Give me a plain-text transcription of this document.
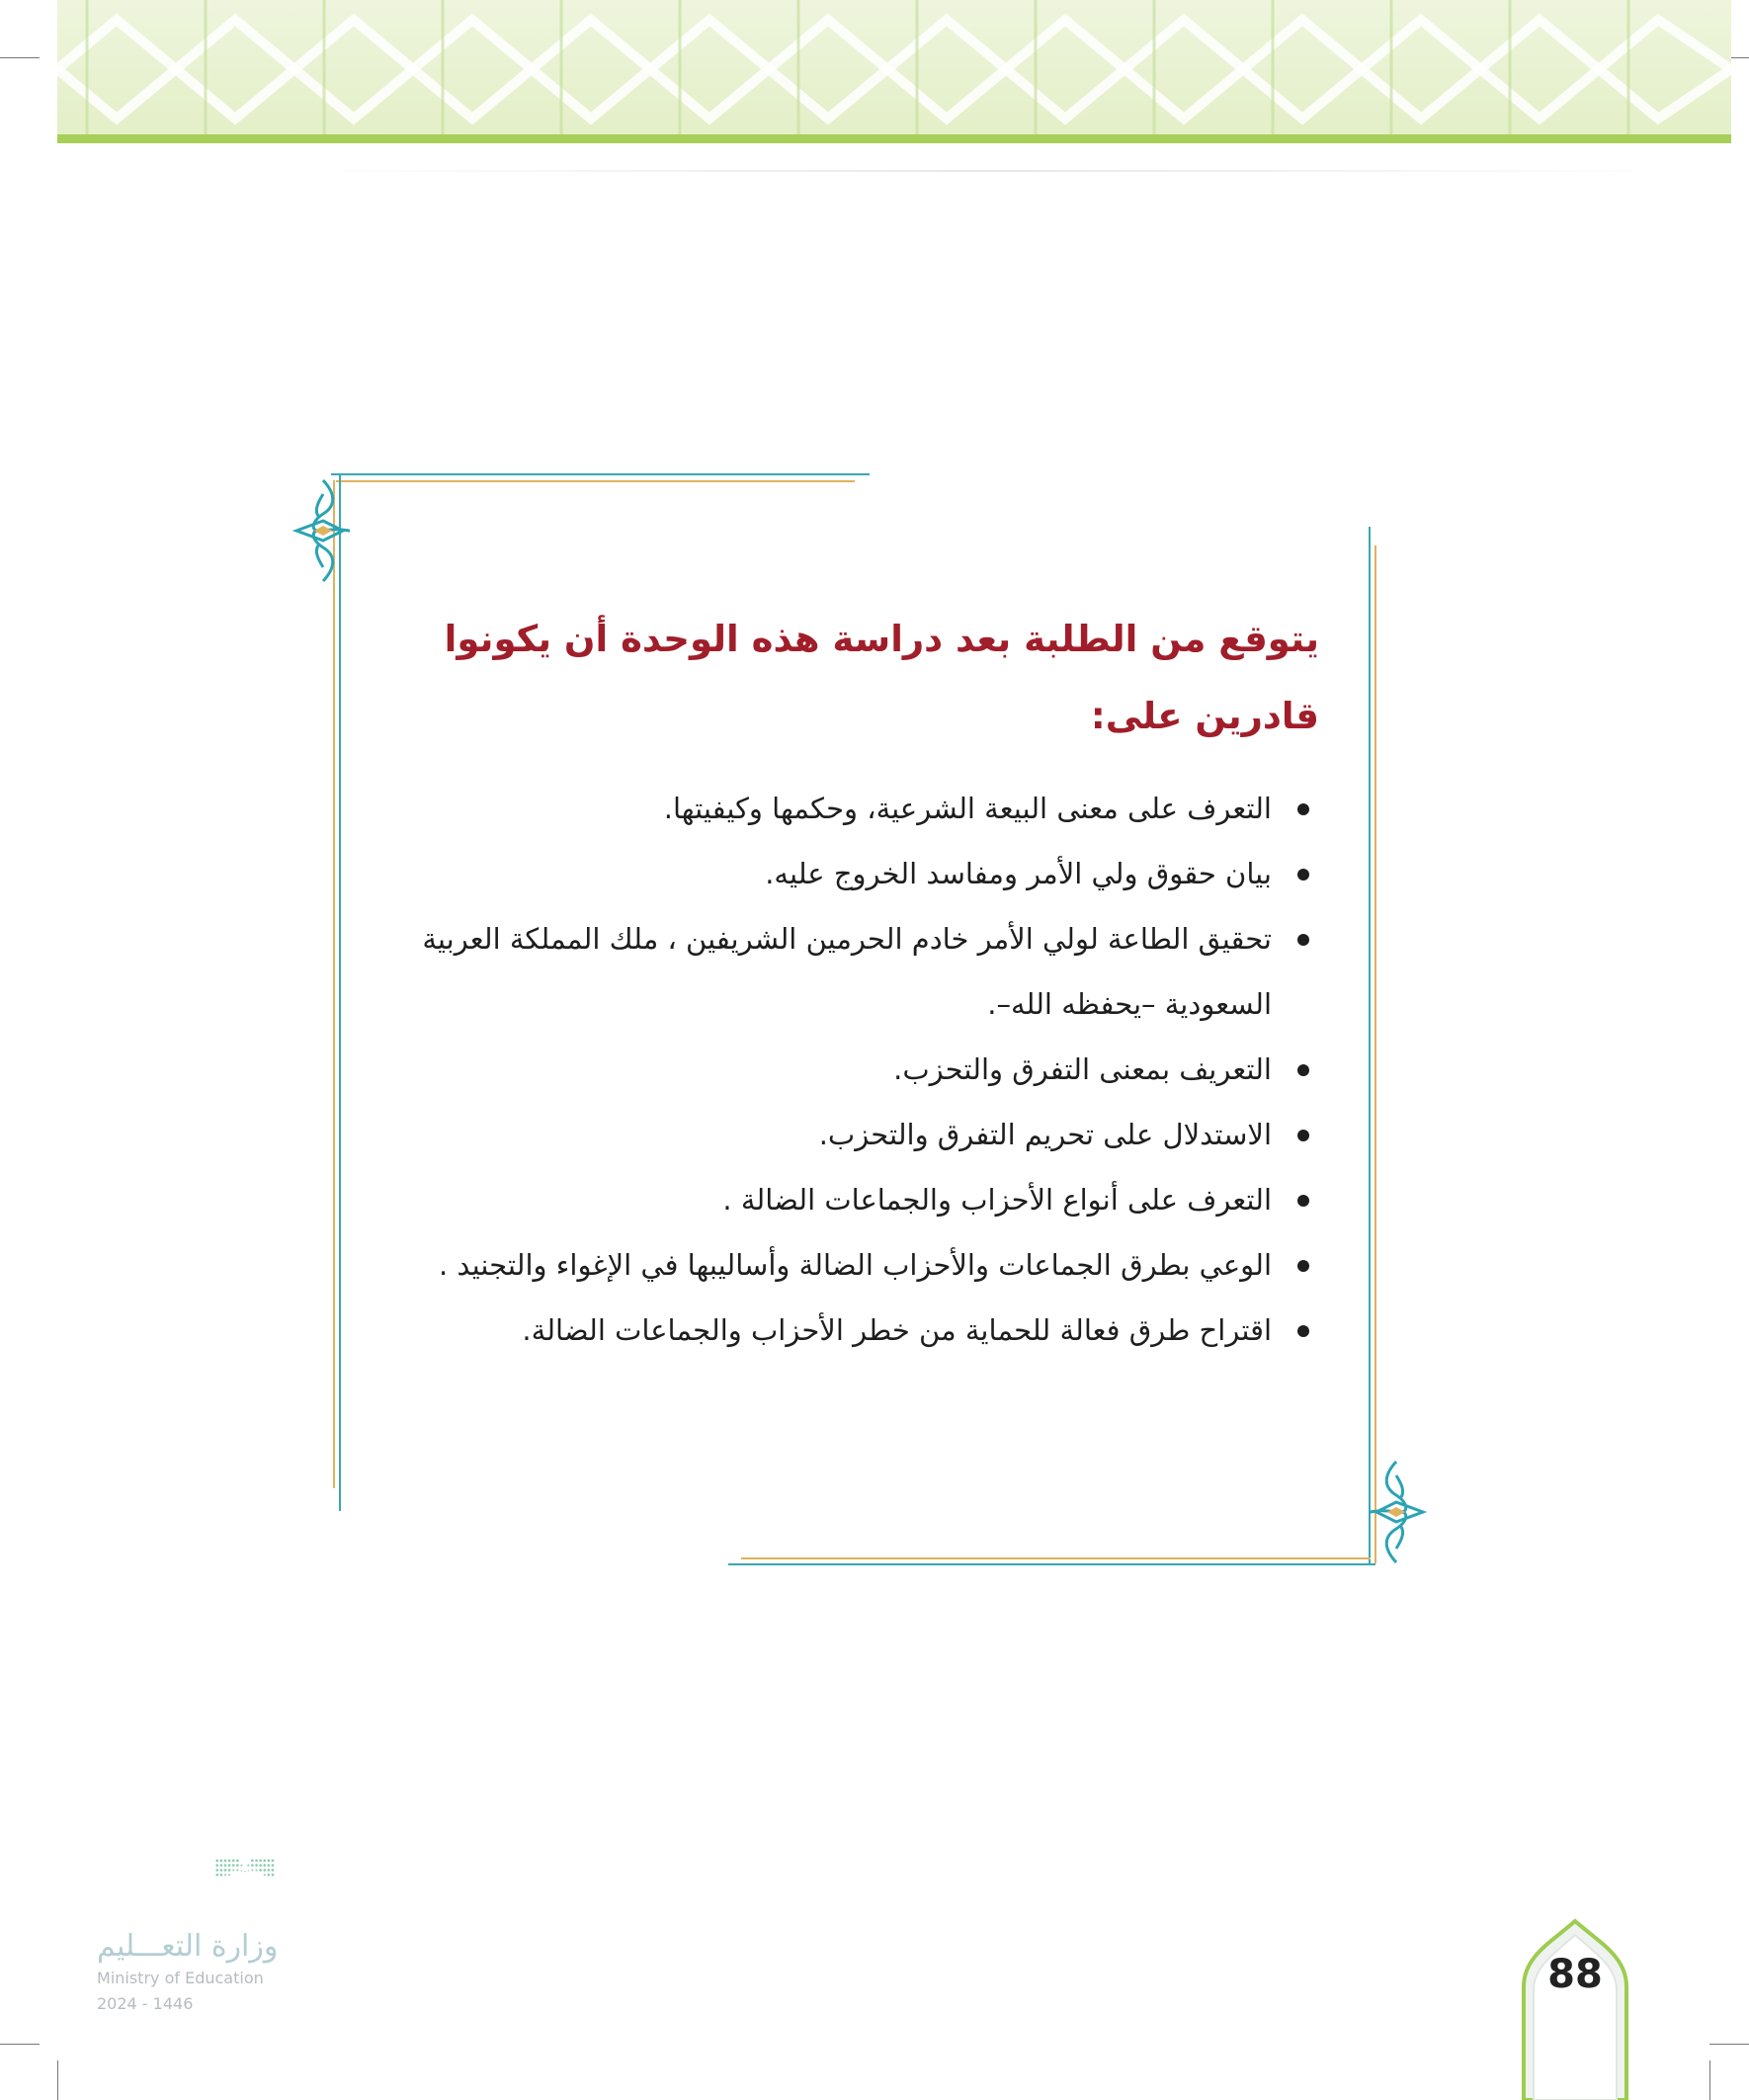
يتوقع من الطلبة بعد دراسة هذه الوحدة أن يكونوا قادرين على:
التعرف على معنى البيعة الشرعية، وحكمها وكيفيتها.
بيان حقوق ولي الأمر ومفاسد الخروج عليه.
تحقيق الطاعة لولي الأمر خادم الحرمين الشريفين ، ملك المملكة العربية السعودية –يحفظه الله–.
التعريف بمعنى التفرق والتحزب.
الاستدلال على تحريم التفرق والتحزب.
التعرف على أنواع الأحزاب والجماعات الضالة .
الوعي بطرق الجماعات والأحزاب الضالة وأساليبها في الإغواء والتجنيد .
اقتراح طرق فعالة للحماية من خطر الأحزاب والجماعات الضالة.
وزارة التعـــليم
Ministry of Education
2024 - 1446
88
